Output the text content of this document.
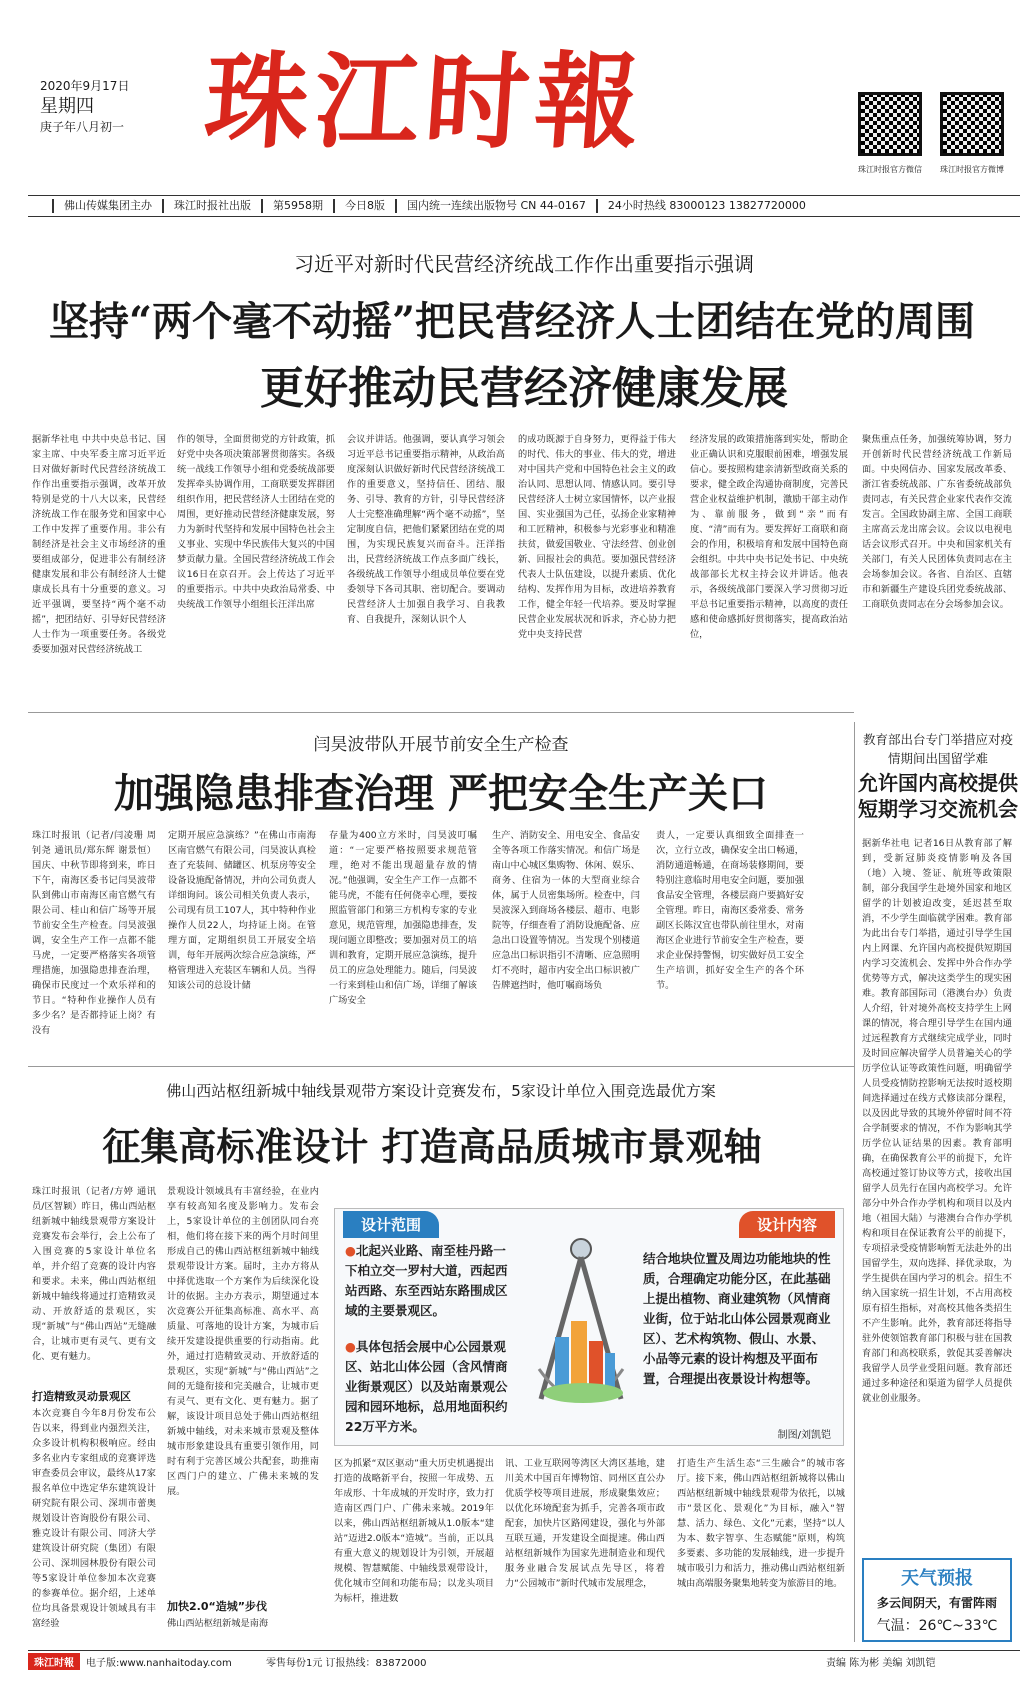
2020年9月17日
星期四
庚子年八月初一 珠江时報
珠江时报官方微信	珠江时报官方微博
佛山传媒集团主办	珠江时报社出版	第5958期	今日8版	国内统一连续出版物号 CN 44-0167	24小时热线 83000123 13827720000
习近平对新时代民营经济统战工作作出重要指示强调
坚持“两个毫不动摇”把民营经济人士团结在党的周围
更好推动民营经济健康发展
据新华社电 中共中央总书记、国家主席、中央军委主席习近平近日对做好新时代民营经济统战工作作出重要指示强调，改革开放特别是党的十八大以来，民营经济统战工作在服务党和国家中心工作中发挥了重要作用。非公有制经济是社会主义市场经济的重要组成部分，促进非公有制经济健康发展和非公有制经济人士健康成长具有十分重要的意义。习近平强调，要坚持“两个毫不动摇”，把团结好、引导好民营经济人士作为一项重要任务。各级党委要加强对民营经济统战工
作的领导，全面贯彻党的方针政策，抓好党中央各项决策部署贯彻落实。各级统一战线工作领导小组和党委统战部要发挥牵头协调作用，工商联要发挥群团组织作用，把民营经济人士团结在党的周围，更好推动民营经济健康发展，努力为新时代坚持和发展中国特色社会主义事业、实现中华民族伟大复兴的中国梦贡献力量。全国民营经济统战工作会议16日在京召开。会上传达了习近平的重要指示。中共中央政治局常委、中央统战工作领导小组组长汪洋出席
会议并讲话。他强调，要认真学习领会习近平总书记重要指示精神，从政治高度深刻认识做好新时代民营经济统战工作的重要意义，坚持信任、团结、服务、引导、教育的方针，引导民营经济人士完整准确理解“两个毫不动摇”，坚定制度自信，把他们紧紧团结在党的周围，为实现民族复兴而奋斗。汪洋指出，民营经济统战工作点多面广线长，各级统战工作领导小组成员单位要在党委领导下各司其职、密切配合。要调动民营经济人士加强自我学习、自我教育、自我提升，深刻认识个人
的成功既源于自身努力，更得益于伟大的时代、伟大的事业、伟大的党，增进对中国共产党和中国特色社会主义的政治认同、思想认同、情感认同。要引导民营经济人士树立家国情怀，以产业报国、实业强国为己任，弘扬企业家精神和工匠精神，积极参与光彩事业和精准扶贫，做爱国敬业、守法经营、创业创新、回报社会的典范。要加强民营经济代表人士队伍建设，以提升素质、优化结构、发挥作用为目标，改进培养教育工作，健全年轻一代培养。要及时掌握民营企业发展状况和诉求，齐心协力把党中央支持民营
经济发展的政策措施落到实处，帮助企业正确认识和克服眼前困难，增强发展信心。要按照构建亲清新型政商关系的要求，健全政企沟通协商制度，完善民营企业权益维护机制，激励干部主动作为、靠前服务，做到“亲”而有度、“清”而有为。要发挥好工商联和商会的作用，积极培育和发展中国特色商会组织。中共中央书记处书记、中央统战部部长尤权主持会议并讲话。他表示，各级统战部门要深入学习贯彻习近平总书记重要指示精神，以高度的责任感和使命感抓好贯彻落实，提高政治站位，
聚焦重点任务，加强统筹协调，努力开创新时代民营经济统战工作新局面。中央网信办、国家发展改革委、浙江省委统战部、广东省委统战部负责同志，有关民营企业家代表作交流发言。全国政协副主席、全国工商联主席高云龙出席会议。会议以电视电话会议形式召开。中央和国家机关有关部门，有关人民团体负责同志在主会场参加会议。各省、自治区、直辖市和新疆生产建设兵团党委统战部、工商联负责同志在分会场参加会议。
闫昊波带队开展节前安全生产检查
加强隐患排查治理 严把安全生产关口
珠江时报讯（记者/闫凌珊 周钊尧 通讯员/郑东辉 谢景恒）国庆、中秋节即将到来，昨日下午，南海区委书记闫昊波带队到佛山市南海区南官燃气有限公司、桂山和信广场等开展节前安全生产检查。闫昊波强调，安全生产工作一点都不能马虎，一定要严格落实各项管理措施，加强隐患排查治理，确保市民度过一个欢乐祥和的节日。“特种作业操作人员有多少名？是否都持证上岗？有没有
定期开展应急演练？”在佛山市南海区南官燃气有限公司，闫昊波认真检查了充装间、储罐区、机泵房等安全设备设施配备情况，并向公司负责人详细询问。该公司相关负责人表示，公司现有员工107人，其中特种作业操作人员22人，均持证上岗。在管理方面，定期组织员工开展安全培训，每年开展两次综合应急演练，严格管理进入充装区车辆和人员。当得知该公司的总设计储
存量为400立方米时，闫昊波叮嘱道：“一定要严格按照要求规范管理，绝对不能出现超量存放的情况。”他强调，安全生产工作一点都不能马虎，不能有任何侥幸心理，要按照监管部门和第三方机构专家的专业意见，规范管理，加强隐患排查，发现问题立即整改；要加强对员工的培训和教育，定期开展应急演练，提升员工的应急处理能力。随后，闫昊波一行来到桂山和信广场，详细了解该广场安全
生产、消防安全、用电安全、食品安全等各项工作落实情况。和信广场是南山中心城区集购物、休闲、娱乐、商务、住宿为一体的大型商业综合体，属于人员密集场所。检查中，闫昊波深入到商场各楼层、超市、电影院等，仔细查看了消防设施配备、应急出口设置等情况。当发现个别楼道应急出口标识指引不清晰、应急照明灯不亮时，超市内安全出口标识被广告牌遮挡时，他叮嘱商场负
责人，一定要认真细致全面排查一次，立行立改，确保安全出口畅通，消防通道畅通，在商场装修期间，要特别注意临时用电安全问题，要加强食品安全管理，各楼层商户要搞好安全管理。昨日，南海区委常委、常务副区长陈汉宜也带队前往里水，对南海区企业进行节前安全生产检查，要求企业保持警惕，切实做好员工安全生产培训，抓好安全生产的各个环节。
教育部出台专门举措应对疫情期间出国留学难
允许国内高校提供短期学习交流机会
据新华社电 记者16日从教育部了解到，受新冠肺炎疫情影响及各国（地）入境、签证、航班等政策限制，部分我国学生赴境外国家和地区留学的计划被迫改变，延迟甚至取消，不少学生面临就学困难。教育部为此出台专门举措，通过引导学生国内上网课、允许国内高校提供短期国内学习交流机会、发挥中外合作办学优势等方式，解决这类学生的现实困难。教育部国际司（港澳台办）负责人介绍，针对境外高校支持学生上网课的情况，将合理引导学生在国内通过远程教育方式继续完成学业，同时及时回应解决留学人员普遍关心的学历学位认证等政策性问题，明确留学人员受疫情防控影响无法按时返校期间选择通过在线方式修读部分课程，以及因此导致的其境外停留时间不符合学制要求的情况，不作为影响其学历学位认证结果的因素。教育部明确，在确保教育公平的前提下，允许高校通过签订协议等方式，接收出国留学人员先行在国内高校学习。允许部分中外合作办学机构和项目以及内地（祖国大陆）与港澳台合作办学机构和项目在保证教育公平的前提下，专项招录受疫情影响暂无法赴外的出国留学生，双向选择、择优录取，为学生提供在国内学习的机会。招生不纳入国家统一招生计划，不占用高校原有招生指标，对高校其他各类招生不产生影响。此外，教育部还将指导驻外使领馆教育部门积极与驻在国教育部门和高校联系，敦促其妥善解决我留学人员学业受阻问题。教育部还通过多种途径和渠道为留学人员提供就业创业服务。
天气预报
多云间阴天，有雷阵雨
气温：26℃~33℃
佛山西站枢纽新城中轴线景观带方案设计竞赛发布，5家设计单位入围竞选最优方案
征集高标准设计 打造高品质城市景观轴
珠江时报讯（记者/方婷 通讯员/区智颖）昨日，佛山西站枢纽新城中轴线景观带方案设计竞赛发布会举行，会上公布了入围竞赛的5家设计单位名单，并介绍了竞赛的设计内容和要求。未来，佛山西站枢纽新城中轴线将通过打造精致灵动、开放舒适的景观区，实现“新城”与“佛山西站”无缝融合，让城市更有灵气、更有文化、更有魅力。
打造精致灵动景观区
本次竞赛自今年8月份发布公告以来，得到业内强烈关注，众多设计机构积极响应。经由多名业内专家组成的竞赛评选审查委员会审议，最终从17家报名单位中选定华东建筑设计研究院有限公司、深圳市蕾奥规划设计咨询股份有限公司、雅克设计有限公司、同济大学建筑设计研究院（集团）有限公司、深圳园林股份有限公司等5家设计单位参加本次竞赛的参赛单位。据介绍，上述单位均具备景观设计领域具有丰富经验
景观设计领域具有丰富经验，在业内享有较高知名度及影响力。发布会上，5家设计单位的主创团队同台亮相，他们将在接下来的两个月时间里形成自己的佛山西站枢纽新城中轴线景观带设计方案。届时，主办方将从中择优选取一个方案作为后续深化设计的依据。主办方表示，期望通过本次竞赛公开征集高标准、高水平、高质量、可落地的设计方案，为城市后续开发建设提供重要的行动指南。此外，通过打造精致灵动、开放舒适的景观区，实现“新城”与“佛山西站”之间的无缝衔接和完美融合，让城市更有灵气、更有文化、更有魅力。据了解，该设计项目总处于佛山西站枢纽新城中轴线，对未来城市景观及整体城市形象建设具有重要引领作用，同时有利于完善区域公共配套，助推南区西门户的建立、广佛未来城的发展。
加快2.0“造城”步伐
佛山西站枢纽新城是南海
设计范围	设计内容
●北起兴业路、南至桂丹路一下柏立交一罗村大道，西起西站西路、东至西站东路围成区域的主要景观区。
●具体包括会展中心公园景观区、站北山体公园（含风情商业街景观区）以及站南景观公园和园环地标，总用地面积约22万平方米。
结合地块位置及周边功能地块的性质，合理确定功能分区，在此基础上提出植物、商业建筑物（风情商业街，位于站北山体公园景观商业区）、艺术构筑物、假山、水景、小品等元素的设计构想及平面布置，合理提出夜景设计构想等。
制图/刘凯铠
区为抓紧“双区驱动”重大历史机遇提出打造的战略新平台，按照一年成势、五年成形、十年成城的开发时序，致力打造南区西门户、广佛未来城。2019年以来，佛山西站枢纽新城从1.0版本“建站”迈进2.0版本“造城”。当前，正以具有重大意义的规划设计为引领，开展超规模、智慧赋能、中轴线景观带设计，优化城市空间和功能布局；以龙头项目为标杆，推进数
讯、工业互联网等湾区大湾区基地，建川美术中国百年博物馆、同州区直公办优质学校等项目进展，形成聚集效应；以优化环境配套为抓手，完善各项市政配套，加快片区路网建设，强化与外部互联互通，开发建设全面提速。佛山西站枢纽新城作为国家先进制造业和现代服务业融合发展试点先导区，将着力“公园城市”新时代城市发展理念，
打造生产生活生态“三生融合”的城市客厅。接下来，佛山西站枢纽新城将以佛山西站枢纽新城中轴线景观带为依托，以城市“景区化、景观化”为目标，融入“智慧、活力、绿色、文化”元素，坚持“以人为本、数字智享、生态赋能”原则，构筑多要素、多功能的发展轴线，进一步提升城市吸引力和活力，推动佛山西站枢纽新城由高端服务聚集地转变为旅游目的地。
珠江时報	电子版:www.nanhaitoday.com	零售每份1元 订报热线：83872000	责编 陈为彬 美编 刘凯铠
